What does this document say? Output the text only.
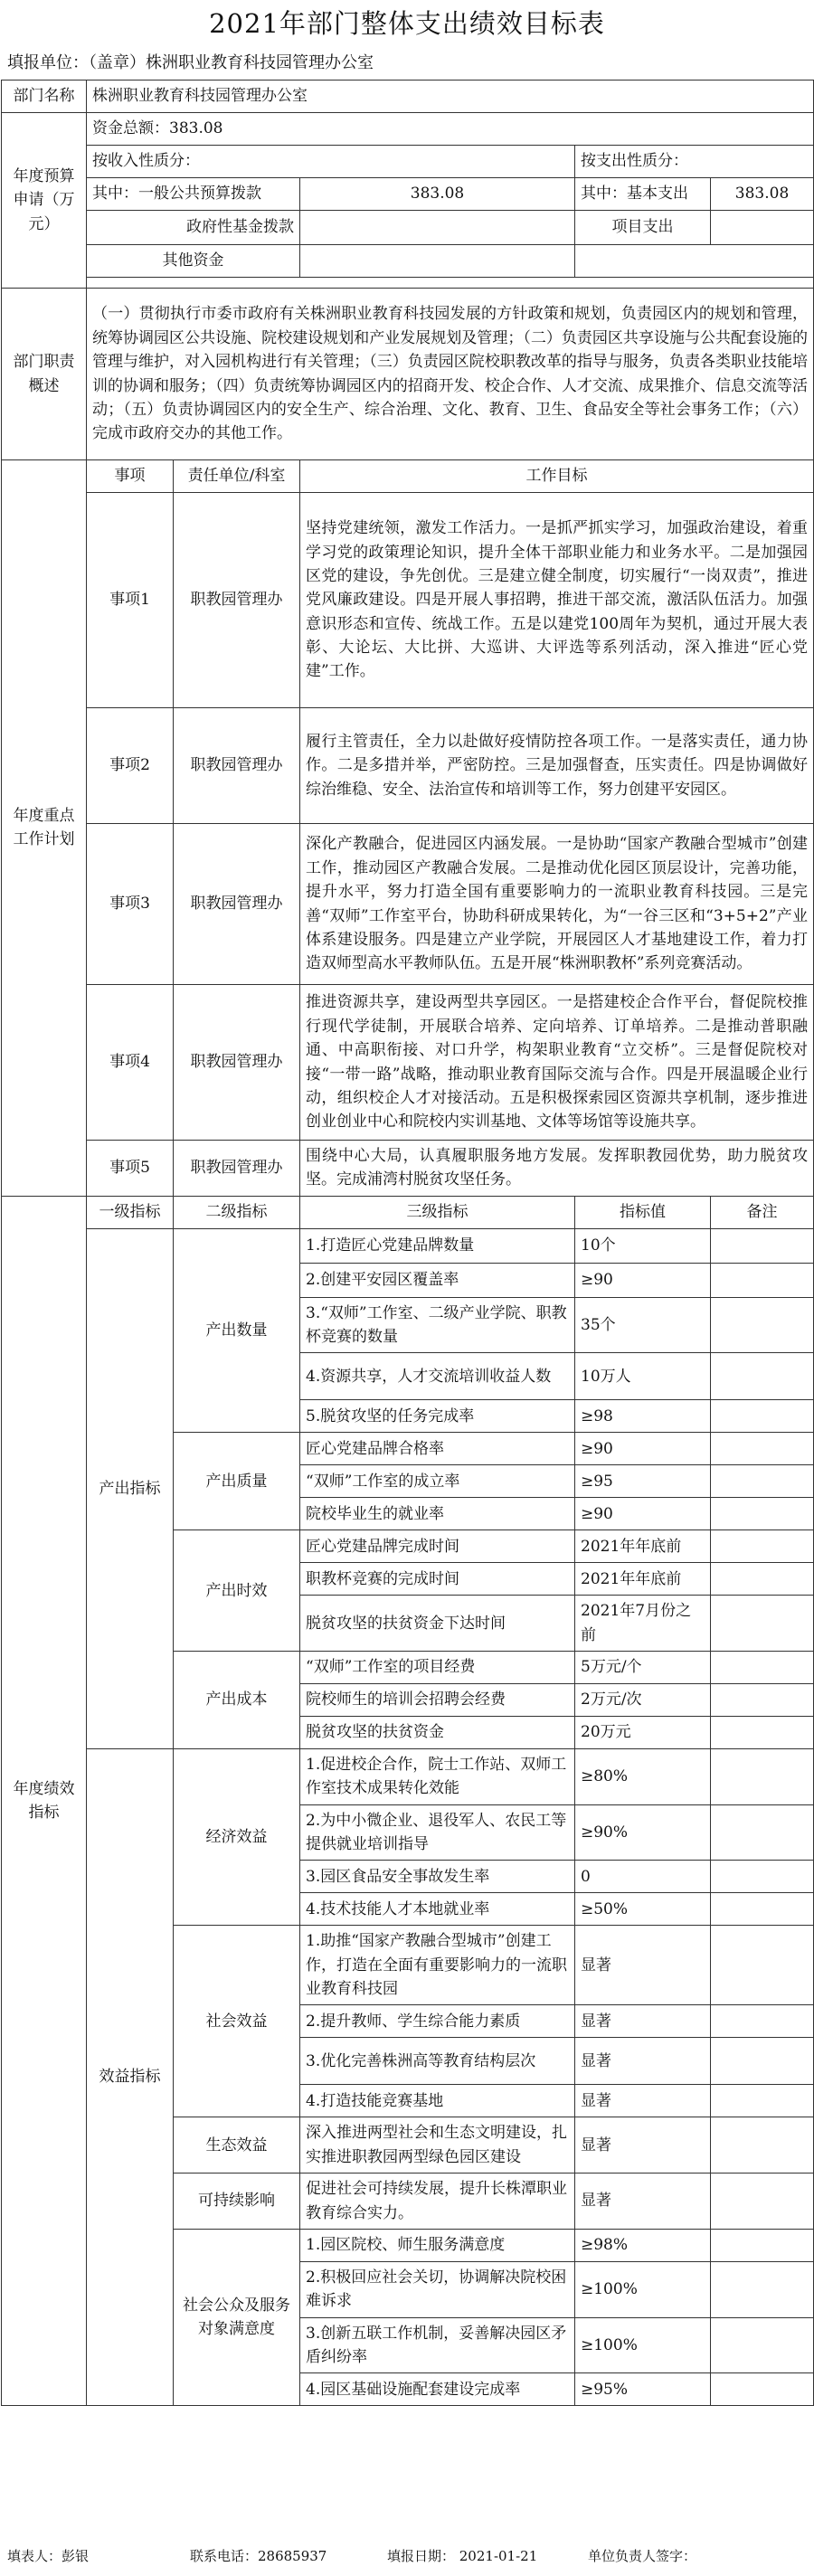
2021年部门整体支出绩效目标表
填报单位：（盖章）株洲职业教育科技园管理办公室
部门名称	株洲职业教育科技园管理办公室				
年度预算申请（万元）	资金总额：383.08				
	按收入性质分：			按支出性质分：	
	其中：一般公共预算拨款		383.08	其中：基本支出	383.08
	政府性基金拨款			项目支出	
	其他资金				

部门职责概述	（一）贯彻执行市委市政府有关株洲职业教育科技园发展的方针政策和规划，负责园区内的规划和管理，统筹协调园区公共设施、院校建设规划和产业发展规划及管理；（二）负责园区共享设施与公共配套设施的管理与维护，对入园机构进行有关管理；（三）负责园区院校职教改革的指导与服务，负责各类职业技能培训的协调和服务；（四）负责统筹协调园区内的招商开发、校企合作、人才交流、成果推介、信息交流等活动；（五）负责协调园区内的安全生产、综合治理、文化、教育、卫生、食品安全等社会事务工作；（六）完成市政府交办的其他工作。				
年度重点工作计划	事项	责任单位/科室	工作目标		
	事项1	职教园管理办	坚持党建统领，激发工作活力。一是抓严抓实学习，加强政治建设，着重学习党的政策理论知识，提升全体干部职业能力和业务水平。二是加强园区党的建设，争先创优。三是建立健全制度，切实履行“一岗双责”，推进党风廉政建设。四是开展人事招聘，推进干部交流，激活队伍活力。加强意识形态和宣传、统战工作。五是以建党100周年为契机，通过开展大表彰、大论坛、大比拼、大巡讲、大评选等系列活动，深入推进“匠心党建”工作。		
	事项2	职教园管理办	履行主管责任，全力以赴做好疫情防控各项工作。一是落实责任，通力协作。二是多措并举，严密防控。三是加强督查，压实责任。四是协调做好综治维稳、安全、法治宣传和培训等工作，努力创建平安园区。		
	事项3	职教园管理办	深化产教融合，促进园区内涵发展。一是协助“国家产教融合型城市”创建工作，推动园区产教融合发展。二是推动优化园区顶层设计，完善功能，提升水平，努力打造全国有重要影响力的一流职业教育科技园。三是完善“双师”工作室平台，协助科研成果转化，为“一谷三区和“3+5+2”产业体系建设服务。四是建立产业学院，开展园区人才基地建设工作，着力打造双师型高水平教师队伍。五是开展“株洲职教杯”系列竞赛活动。		
	事项4	职教园管理办	推进资源共享，建设两型共享园区。一是搭建校企合作平台，督促院校推行现代学徒制，开展联合培养、定向培养、订单培养。二是推动普职融通、中高职衔接、对口升学，构架职业教育“立交桥”。三是督促院校对接“一带一路”战略，推动职业教育国际交流与合作。四是开展温暖企业行动，组织校企人才对接活动。五是积极探索园区资源共享机制，逐步推进创业创业中心和院校内实训基地、文体等场馆等设施共享。		
	事项5	职教园管理办	围绕中心大局，认真履职服务地方发展。发挥职教园优势，助力脱贫攻坚。完成浦湾村脱贫攻坚任务。		
年度绩效指标	一级指标	二级指标	三级指标	指标值	备注
	产出指标	产出数量	1.打造匠心党建品牌数量	10个	
			2.创建平安园区覆盖率	≥90	
			3.“双师”工作室、二级产业学院、职教杯竞赛的数量	35个	
			4.资源共享，人才交流培训收益人数	10万人	
			5.脱贫攻坚的任务完成率	≥98	
		产出质量	匠心党建品牌合格率	≥90	
			“双师”工作室的成立率	≥95	
			院校毕业生的就业率	≥90	
		产出时效	匠心党建品牌完成时间	2021年年底前	
			职教杯竞赛的完成时间	2021年年底前	
			脱贫攻坚的扶贫资金下达时间	2021年7月份之前	
		产出成本	“双师”工作室的项目经费	5万元/个	
			院校师生的培训会招聘会经费	2万元/次	
			脱贫攻坚的扶贫资金	20万元	
	效益指标	经济效益	1.促进校企合作，院士工作站、双师工作室技术成果转化效能	≥80%	
			2.为中小微企业、退役军人、农民工等提供就业培训指导	≥90%	
			3.园区食品安全事故发生率	0	
			4.技术技能人才本地就业率	≥50%	
		社会效益	1.助推“国家产教融合型城市”创建工作，打造在全面有重要影响力的一流职业教育科技园	显著	
			2.提升教师、学生综合能力素质	显著	
			3.优化完善株洲高等教育结构层次	显著	
			4.打造技能竞赛基地	显著	
		生态效益	深入推进两型社会和生态文明建设，扎实推进职教园两型绿色园区建设	显著	
		可持续影响	促进社会可持续发展，提升长株潭职业教育综合实力。	显著	
		社会公众及服务对象满意度	1.园区院校、师生服务满意度	≥98%	
			2.积极回应社会关切，协调解决院校困难诉求	≥100%	
			3.创新五联工作机制，妥善解决园区矛盾纠纷率	≥100%	
			4.园区基础设施配套建设完成率	≥95%	
填表人：彭银	联系电话：28685937	填报日期： 2021-01-21	单位负责人签字：
